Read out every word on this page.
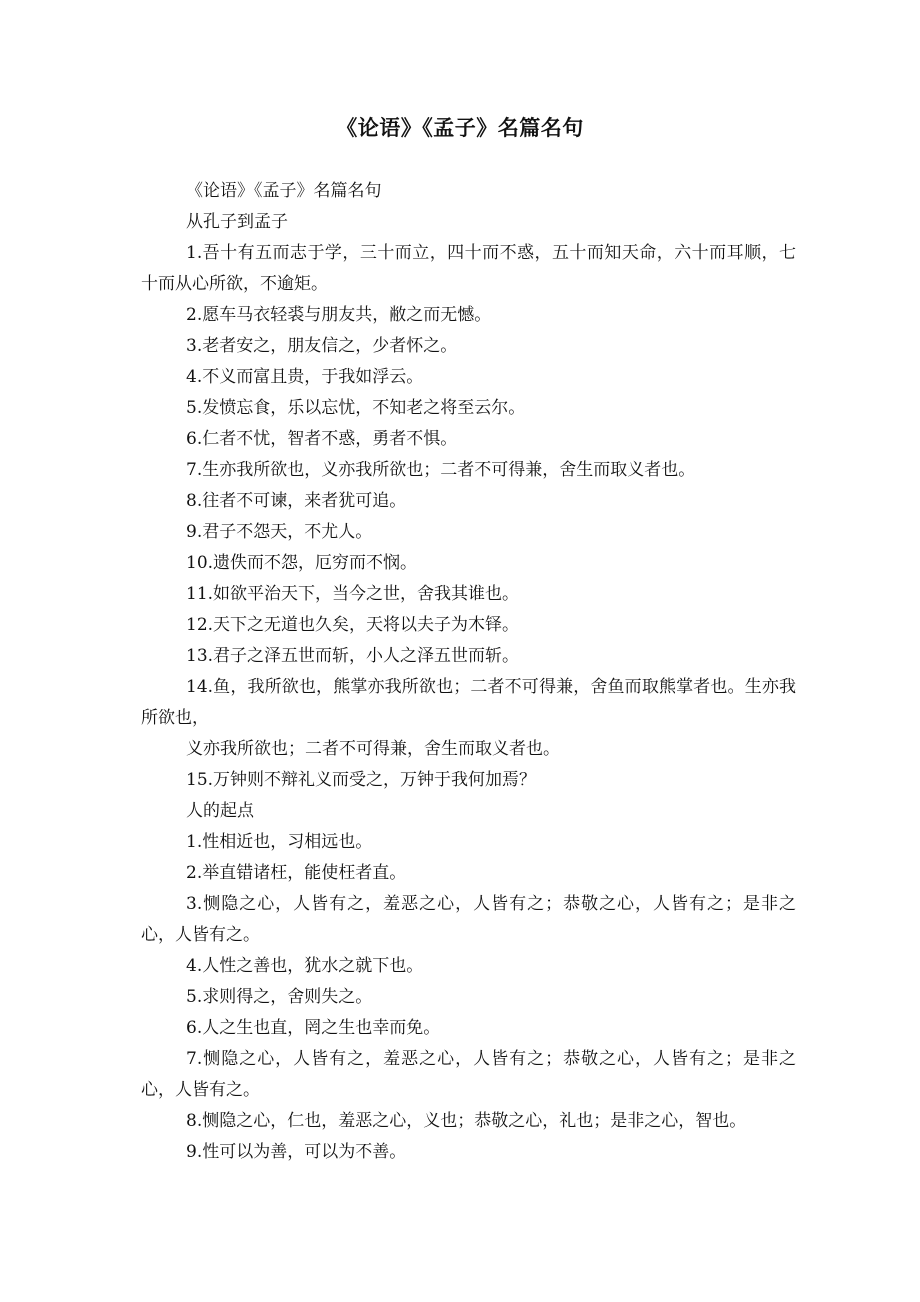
《论语》《孟子》名篇名句

《论语》《孟子》名篇名句

从孔子到孟子

1.吾十有五而志于学，三十而立，四十而不惑，五十而知天命，六十而耳顺，七十而从心所欲，不逾矩。

2.愿车马衣轻裘与朋友共，敝之而无憾。

3.老者安之，朋友信之，少者怀之。

4.不义而富且贵，于我如浮云。

5.发愤忘食，乐以忘忧，不知老之将至云尔。

6.仁者不忧，智者不惑，勇者不惧。

7.生亦我所欲也，义亦我所欲也；二者不可得兼，舍生而取义者也。

8.往者不可谏，来者犹可追。

9.君子不怨天，不尤人。

10.遗佚而不怨，厄穷而不悯。

11.如欲平治天下，当今之世，舍我其谁也。

12.天下之无道也久矣，天将以夫子为木铎。

13.君子之泽五世而斩，小人之泽五世而斩。

14.鱼，我所欲也，熊掌亦我所欲也；二者不可得兼，舍鱼而取熊掌者也。生亦我所欲也，

义亦我所欲也；二者不可得兼，舍生而取义者也。

15.万钟则不辩礼义而受之，万钟于我何加焉？

人的起点

1.性相近也，习相远也。

2.举直错诸枉，能使枉者直。

3.恻隐之心，人皆有之，羞恶之心，人皆有之；恭敬之心，人皆有之；是非之心，人皆有之。

4.人性之善也，犹水之就下也。

5.求则得之，舍则失之。

6.人之生也直，罔之生也幸而免。

7.恻隐之心，人皆有之，羞恶之心，人皆有之；恭敬之心，人皆有之；是非之心，人皆有之。

8.恻隐之心，仁也，羞恶之心，义也；恭敬之心，礼也；是非之心，智也。

9.性可以为善，可以为不善。
